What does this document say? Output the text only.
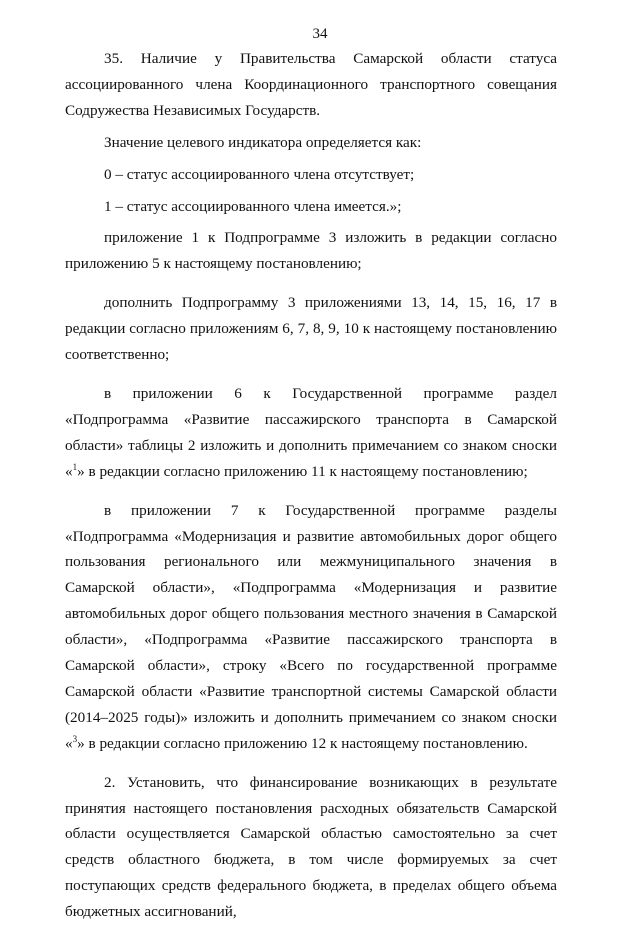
34

35. Наличие у Правительства Самарской области статуса ассоциированного члена Координационного транспортного совещания Содружества Независимых Государств.

Значение целевого индикатора определяется как:

0 – статус ассоциированного члена отсутствует;

1 – статус ассоциированного члена имеется.»;

приложение 1 к Подпрограмме 3 изложить в редакции согласно приложению 5 к настоящему постановлению;

дополнить Подпрограмму 3 приложениями 13, 14, 15, 16, 17 в редакции согласно приложениям 6, 7, 8, 9, 10 к настоящему постановлению соответственно;

в приложении 6 к Государственной программе раздел «Подпрограмма «Развитие пассажирского транспорта в Самарской области» таблицы 2 изложить и дополнить примечанием со знаком сноски «$^1$» в редакции согласно приложению 11 к настоящему постановлению;

в приложении 7 к Государственной программе разделы «Подпрограмма «Модернизация и развитие автомобильных дорог общего пользования регионального или межмуниципального значения в Самарской области», «Подпрограмма «Модернизация и развитие автомобильных дорог общего пользования местного значения в Самарской области», «Подпрограмма «Развитие пассажирского транспорта в Самарской области», строку «Всего по государственной программе Самарской области «Развитие транспортной системы Самарской области (2014–2025 годы)» изложить и дополнить примечанием со знаком сноски «$^3$» в редакции согласно приложению 12 к настоящему постановлению.

2. Установить, что финансирование возникающих в результате принятия настоящего постановления расходных обязательств Самарской области осуществляется Самарской областью самостоятельно за счет средств областного бюджета, в том числе формируемых за счет поступающих средств федерального бюджета, в пределах общего объема бюджетных ассигнований,
